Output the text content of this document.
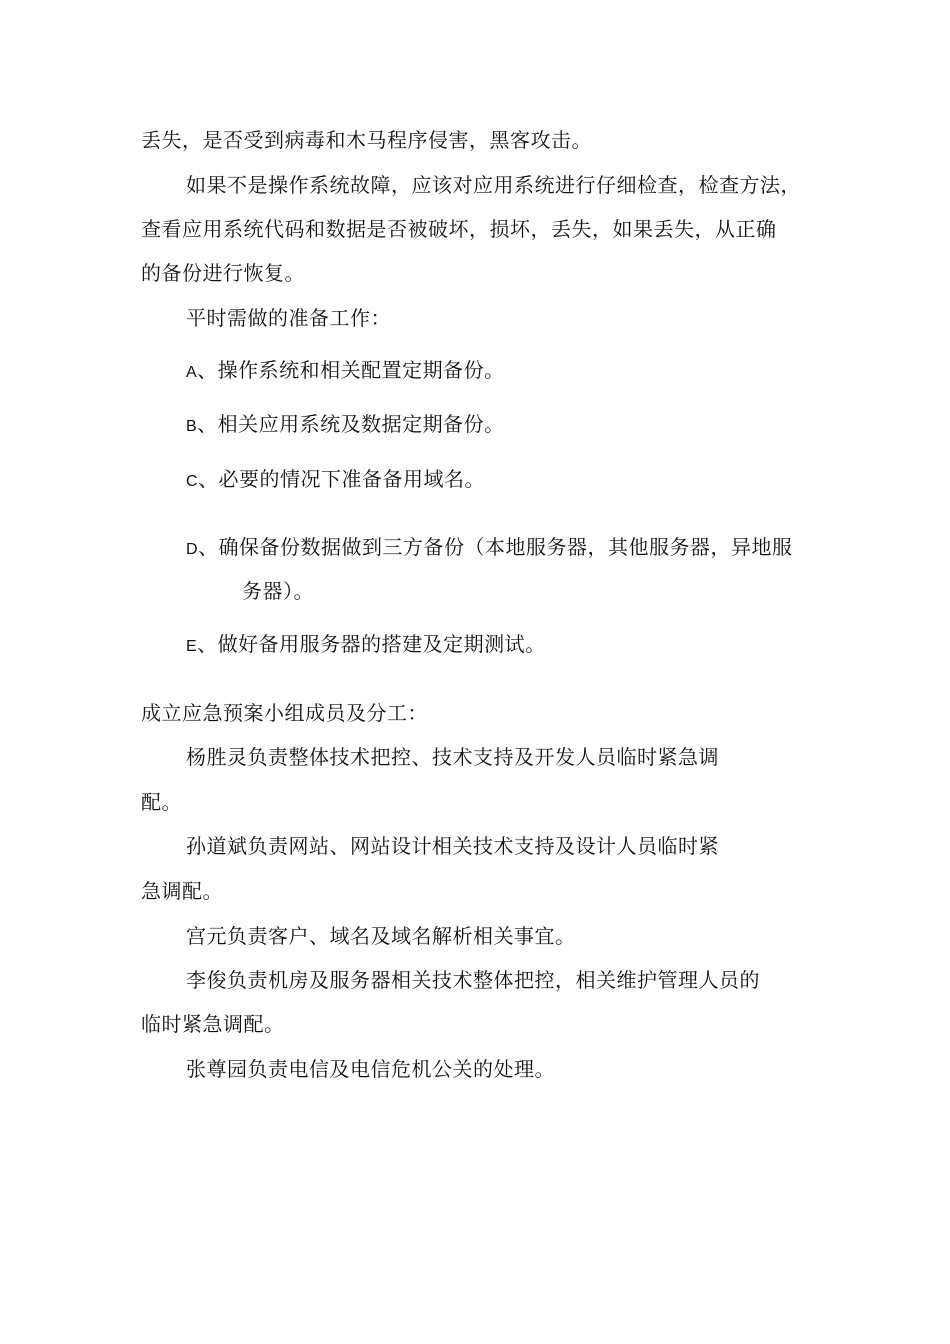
丢失，是否受到病毒和木马程序侵害，黑客攻击。
如果不是操作系统故障，应该对应用系统进行仔细检查，检查方法，
查看应用系统代码和数据是否被破坏，损坏，丢失，如果丢失，从正确
的备份进行恢复。
平时需做的准备工作：
A、操作系统和相关配置定期备份。
B、相关应用系统及数据定期备份。
C、必要的情况下准备备用域名。
D、确保备份数据做到三方备份（本地服务器，其他服务器，异地服
务器）。
E、做好备用服务器的搭建及定期测试。
成立应急预案小组成员及分工：
杨胜灵负责整体技术把控、技术支持及开发人员临时紧急调
配。
孙道斌负责网站、网站设计相关技术支持及设计人员临时紧
急调配。
宫元负责客户、域名及域名解析相关事宜。
李俊负责机房及服务器相关技术整体把控，相关维护管理人员的
临时紧急调配。
张尊园负责电信及电信危机公关的处理。
